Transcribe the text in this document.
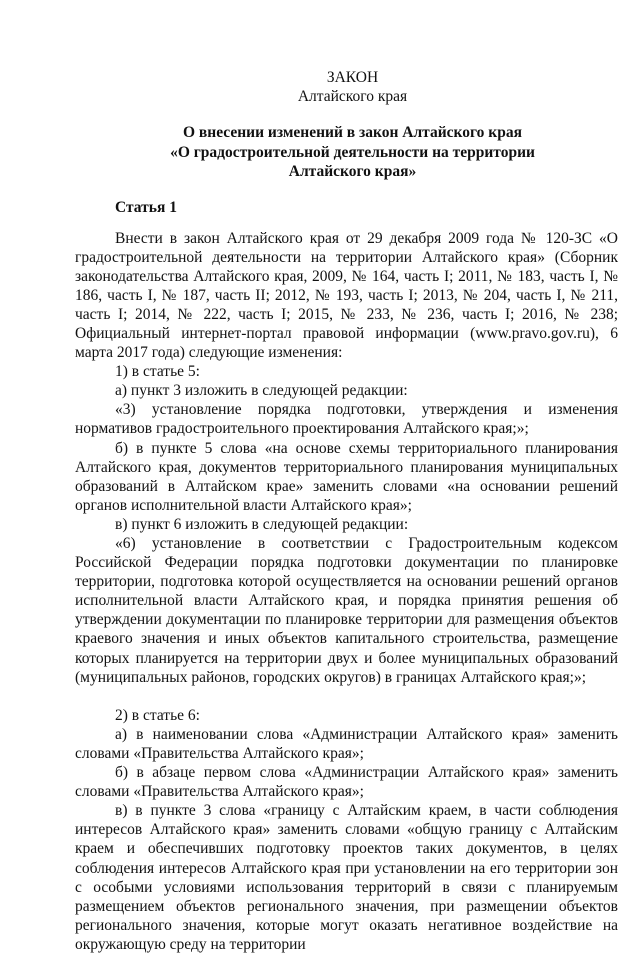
ЗАКОН
Алтайского края
О внесении изменений в закон Алтайского края
«О градостроительной деятельности на территории
Алтайского края»
Статья 1

Внести в закон Алтайского края от 29 декабря 2009 года № 120-ЗС «О градостроительной деятельности на территории Алтайского края» (Сборник законодательства Алтайского края, 2009, № 164, часть I; 2011, № 183, часть I, № 186, часть I, № 187, часть II; 2012, № 193, часть I; 2013, № 204, часть I, № 211, часть I; 2014, № 222, часть I; 2015, № 233, № 236, часть I; 2016, № 238; Официальный интернет-портал правовой информации (www.pravo.gov.ru), 6 марта 2017 года) следующие изменения:

1) в статье 5:

а) пункт 3 изложить в следующей редакции:

«3) установление порядка подготовки, утверждения и изменения нормативов градостроительного проектирования Алтайского края;»;

б) в пункте 5 слова «на основе схемы территориального планирования Алтайского края, документов территориального планирования муниципальных образований в Алтайском крае» заменить словами «на основании решений органов исполнительной власти Алтайского края»;

в) пункт 6 изложить в следующей редакции:

«6) установление в соответствии с Градостроительным кодексом Российской Федерации порядка подготовки документации по планировке территории, подготовка которой осуществляется на основании решений органов исполнительной власти Алтайского края, и порядка принятия решения об утверждении документации по планировке территории для размещения объектов краевого значения и иных объектов капитального строительства, размещение которых планируется на территории двух и более муниципальных образований (муниципальных районов, городских округов) в границах Алтайского края;»;

2) в статье 6:

а) в наименовании слова «Администрации Алтайского края» заменить словами «Правительства Алтайского края»;

б) в абзаце первом слова «Администрации Алтайского края» заменить словами «Правительства Алтайского края»;

в) в пункте 3 слова «границу с Алтайским краем, в части соблюдения интересов Алтайского края» заменить словами «общую границу с Алтайским краем и обеспечивших подготовку проектов таких документов, в целях соблюдения интересов Алтайского края при установлении на его территории зон с особыми условиями использования территорий в связи с планируемым размещением объектов регионального значения, при размещении объектов регионального значения, которые могут оказать негативное воздействие на окружающую среду на территории
